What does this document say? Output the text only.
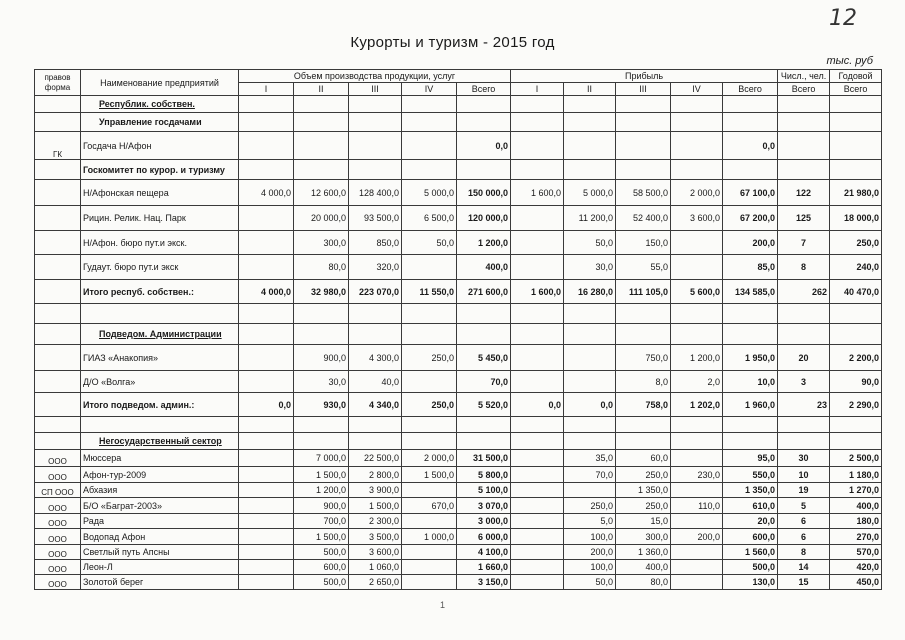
12
Курорты и туризм - 2015 год
тыс. руб
правов форма	Наименование предприятий	Объем производства продукции, услуг					Прибыль					Числ., чел.	Годовой
		I	II	III	IV	Всего	I	II	III	IV	Всего	Всего	Всего
	Республик. собствен.												
	Управление госдачами												
ГК	Госдача Н/Афон					0,0					0,0		
	Госкомитет по курор. и туризму												
	Н/Афонская пещера	4 000,0	12 600,0	128 400,0	5 000,0	150 000,0	1 600,0	5 000,0	58 500,0	2 000,0	67 100,0	122	21 980,0
	Рицин. Релик. Нац. Парк		20 000,0	93 500,0	6 500,0	120 000,0		11 200,0	52 400,0	3 600,0	67 200,0	125	18 000,0
	Н/Афон. бюро пут.и экск.		300,0	850,0	50,0	1 200,0		50,0	150,0		200,0	7	250,0
	Гудаут. бюро пут.и экск		80,0	320,0		400,0		30,0	55,0		85,0	8	240,0
	Итого респуб. собствен.:	4 000,0	32 980,0	223 070,0	11 550,0	271 600,0	1 600,0	16 280,0	111 105,0	5 600,0	134 585,0	262	40 470,0

	Подведом. Администрации												
	ГИАЗ «Анакопия»		900,0	4 300,0	250,0	5 450,0			750,0	1 200,0	1 950,0	20	2 200,0
	Д/О «Волга»		30,0	40,0		70,0			8,0	2,0	10,0	3	90,0
	Итого подведом. админ.:	0,0	930,0	4 340,0	250,0	5 520,0	0,0	0,0	758,0	1 202,0	1 960,0	23	2 290,0

	Негосударственный сектор												
ООО	Мюссера		7 000,0	22 500,0	2 000,0	31 500,0		35,0	60,0		95,0	30	2 500,0
ООО	Афон-тур-2009		1 500,0	2 800,0	1 500,0	5 800,0		70,0	250,0	230,0	550,0	10	1 180,0
СП ООО	Абхазия		1 200,0	3 900,0		5 100,0			1 350,0		1 350,0	19	1 270,0
ООО	Б/О «Баграт-2003»		900,0	1 500,0	670,0	3 070,0		250,0	250,0	110,0	610,0	5	400,0
ООО	Рада		700,0	2 300,0		3 000,0		5,0	15,0		20,0	6	180,0
ООО	Водопад Афон		1 500,0	3 500,0	1 000,0	6 000,0		100,0	300,0	200,0	600,0	6	270,0
ООО	Светлый путь Апсны		500,0	3 600,0		4 100,0		200,0	1 360,0		1 560,0	8	570,0
ООО	Леон-Л		600,0	1 060,0		1 660,0		100,0	400,0		500,0	14	420,0
ООО	Золотой берег		500,0	2 650,0		3 150,0		50,0	80,0		130,0	15	450,0
1
